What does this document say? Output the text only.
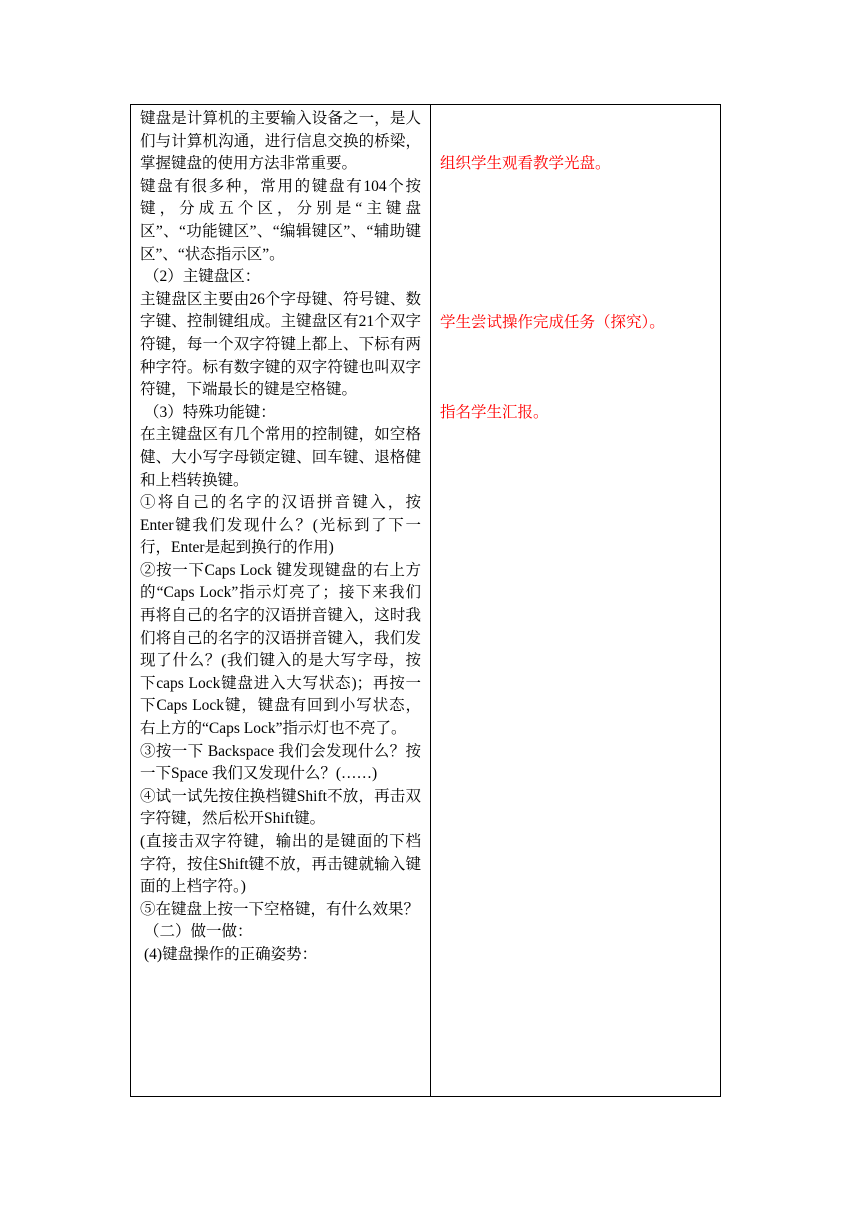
键盘是计算机的主要输入设备之一，是人们与计算机沟通，进行信息交换的桥梁，掌握键盘的使用方法非常重要。

键盘有很多种，常用的键盘有104个按键，分成五个区，分别是“主键盘区”、“功能键区”、“编辑键区”、“辅助键区”、“状态指示区”。

（2）主键盘区：

主键盘区主要由26个字母键、符号键、数字键、控制键组成。主键盘区有21个双字符键，每一个双字符键上都上、下标有两种字符。标有数字键的双字符键也叫双字符键，下端最长的键是空格键。

（3）特殊功能键：

在主键盘区有几个常用的控制键，如空格健、大小写字母锁定键、回车键、退格健和上档转换键。

①将自己的名字的汉语拼音键入，按Enter键我们发现什么？(光标到了下一行，Enter是起到换行的作用)

②按一下Caps Lock 键发现键盘的右上方的“Caps Lock”指示灯亮了；接下来我们再将自己的名字的汉语拼音键入，这时我们将自己的名字的汉语拼音键入，我们发现了什么？(我们键入的是大写字母，按下caps Lock键盘进入大写状态)；再按一下Caps Lock键，键盘有回到小写状态，右上方的“Caps Lock”指示灯也不亮了。

③按一下 Backspace 我们会发现什么？按一下Space 我们又发现什么？(……)

④试一试先按住换档键Shift不放，再击双字符键，然后松开Shift键。

(直接击双字符键，输出的是键面的下档字符，按住Shift键不放，再击键就输入键面的上档字符。)

⑤在键盘上按一下空格键，有什么效果？

（二）做一做：

(4)键盘操作的正确姿势：

组织学生观看教学光盘。
学生尝试操作完成任务（探究）。
指名学生汇报。
